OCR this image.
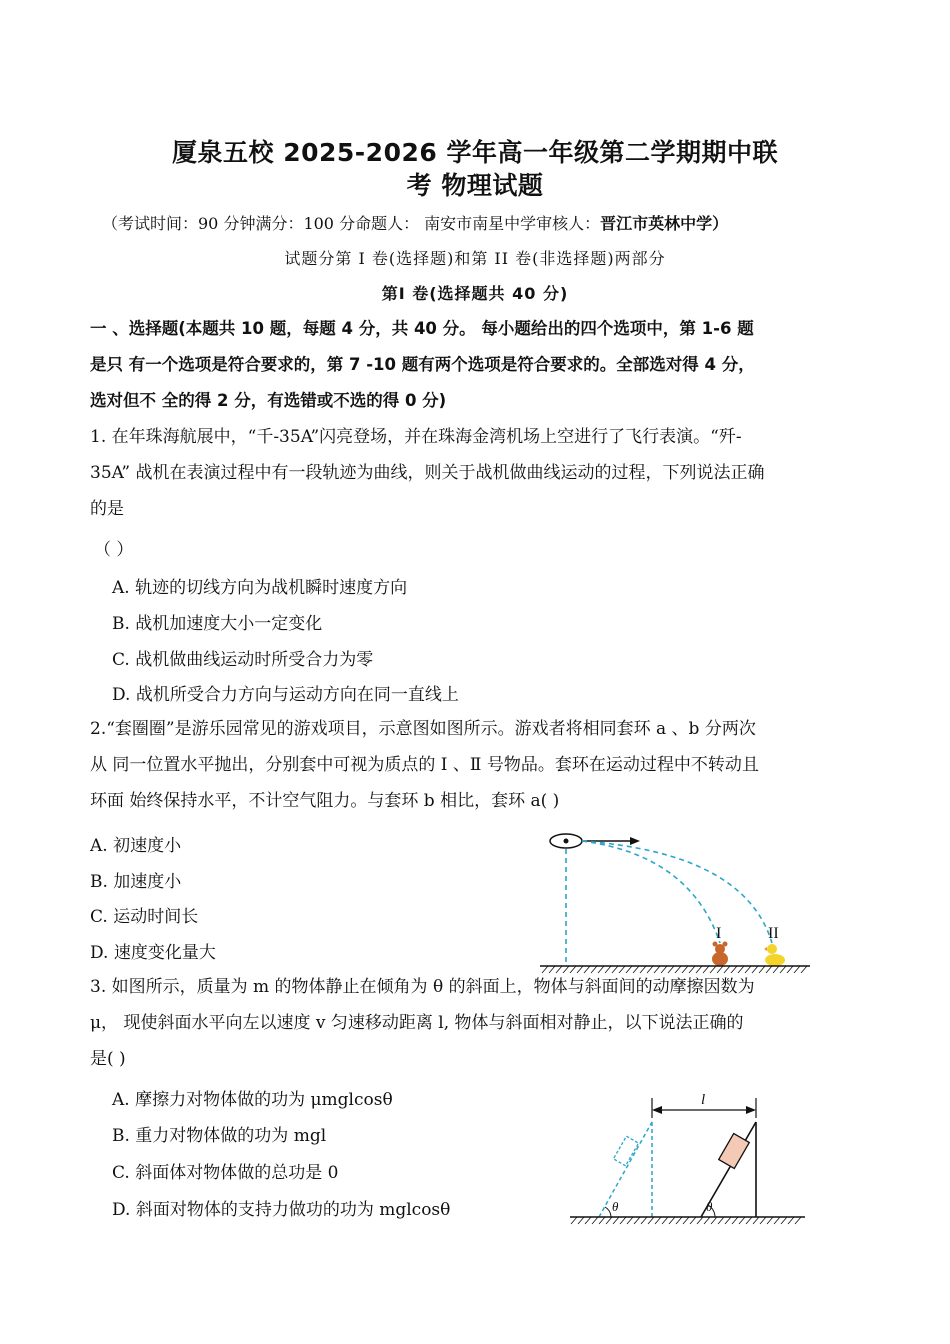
厦泉五校 2025-2026 学年高一年级第二学期期中联
考 物理试题
（考试时间：90 分钟满分：100 分命题人： 南安市南星中学审核人：晋江市英林中学）
试题分第 I 卷(选择题)和第 II 卷(非选择题)两部分
第Ⅰ 卷(选择题共 40 分)
一 、选择题(本题共 10 题，每题 4 分，共 40 分。 每小题给出的四个选项中，第 1-6 题
是只 有一个选项是符合要求的，第 7 -10 题有两个选项是符合要求的。全部选对得 4 分，
选对但不 全的得 2 分，有选错或不选的得 0 分)
1. 在年珠海航展中，“千-35A”闪亮登场，并在珠海金湾机场上空进行了飞行表演。“歼-
35A” 战机在表演过程中有一段轨迹为曲线，则关于战机做曲线运动的过程，下列说法正确
的是
（ ）
A. 轨迹的切线方向为战机瞬时速度方向
B. 战机加速度大小一定变化
C. 战机做曲线运动时所受合力为零
D. 战机所受合力方向与运动方向在同一直线上
2.“套圈圈”是游乐园常见的游戏项目，示意图如图所示。游戏者将相同套环 a 、b 分两次
从 同一位置水平抛出，分别套中可视为质点的 I 、Ⅱ 号物品。套环在运动过程中不转动且
环面 始终保持水平，不计空气阻力。与套环 b 相比，套环 a( )
A. 初速度小
B. 加速度小
C. 运动时间长
D. 速度变化量大
I	II
3. 如图所示，质量为 m 的物体静止在倾角为 θ 的斜面上，物体与斜面间的动摩擦因数为
μ， 现使斜面水平向左以速度 v 匀速移动距离 l, 物体与斜面相对静止，以下说法正确的
是( )
A. 摩擦力对物体做的功为 μmglcosθ
B. 重力对物体做的功为 mgl
C. 斜面体对物体做的总功是 0
D. 斜面对物体的支持力做功的功为 mglcosθ
l
θ	θ
